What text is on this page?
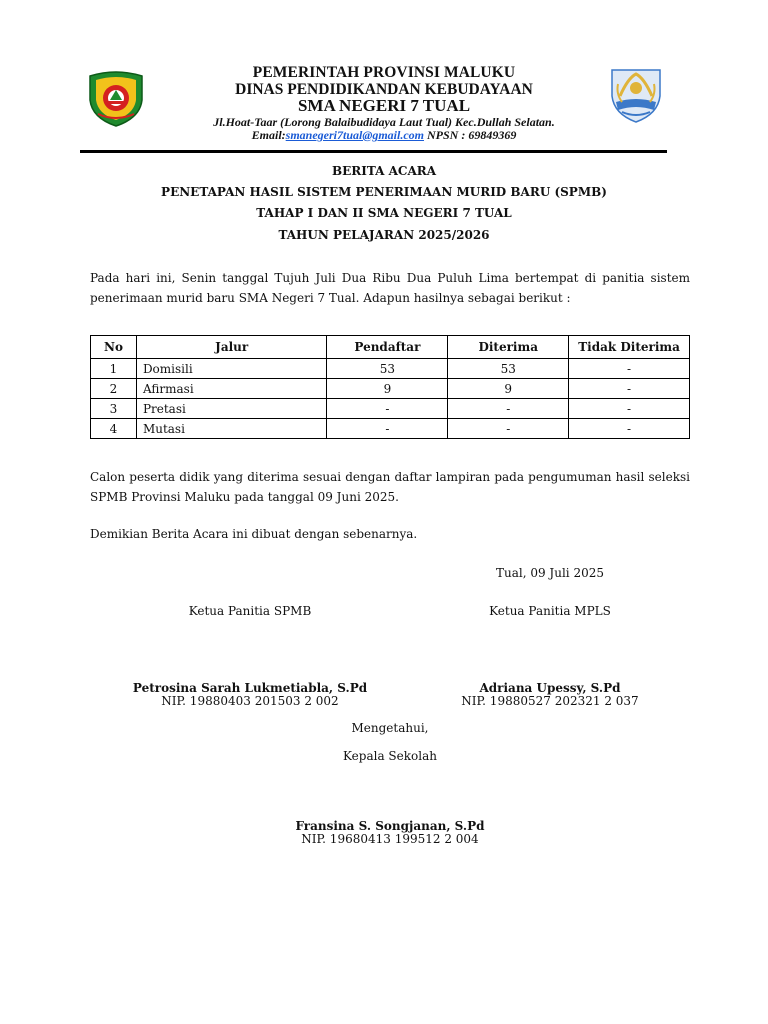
PEMERINTAH PROVINSI MALUKU
DINAS PENDIDIKANDAN KEBUDAYAAN
SMA NEGERI 7 TUAL
Jl.Hoat-Taar (Lorong Balaibudidaya Laut Tual) Kec.Dullah Selatan.
Email:smanegeri7tual@gmail.com NPSN : 69849369
BERITA ACARA
PENETAPAN HASIL SISTEM PENERIMAAN MURID BARU (SPMB)
TAHAP I DAN II SMA NEGERI 7 TUAL
TAHUN PELAJARAN 2025/2026
Pada hari ini, Senin tanggal Tujuh Juli Dua Ribu Dua Puluh Lima bertempat di panitia sistem penerimaan murid baru SMA Negeri 7 Tual. Adapun hasilnya sebagai berikut :
No	Jalur	Pendaftar	Diterima	Tidak Diterima
1	Domisili	53	53	-
2	Afirmasi	9	9	-
3	Pretasi	-	-	-
4	Mutasi	-	-	-
Calon peserta didik yang diterima sesuai dengan daftar lampiran pada pengumuman hasil seleksi SPMB Provinsi Maluku pada tanggal 09 Juni 2025.
Demikian Berita Acara ini dibuat dengan sebenarnya.
Tual, 09 Juli 2025
Ketua Panitia SPMB	Ketua Panitia MPLS
Petrosina Sarah Lukmetiabla, S.Pd
NIP. 19880403 201503 2 002
Adriana Upessy, S.Pd
NIP. 19880527 202321 2 037
Mengetahui,
Kepala Sekolah
Fransina S. Songjanan, S.Pd
NIP. 19680413 199512 2 004
